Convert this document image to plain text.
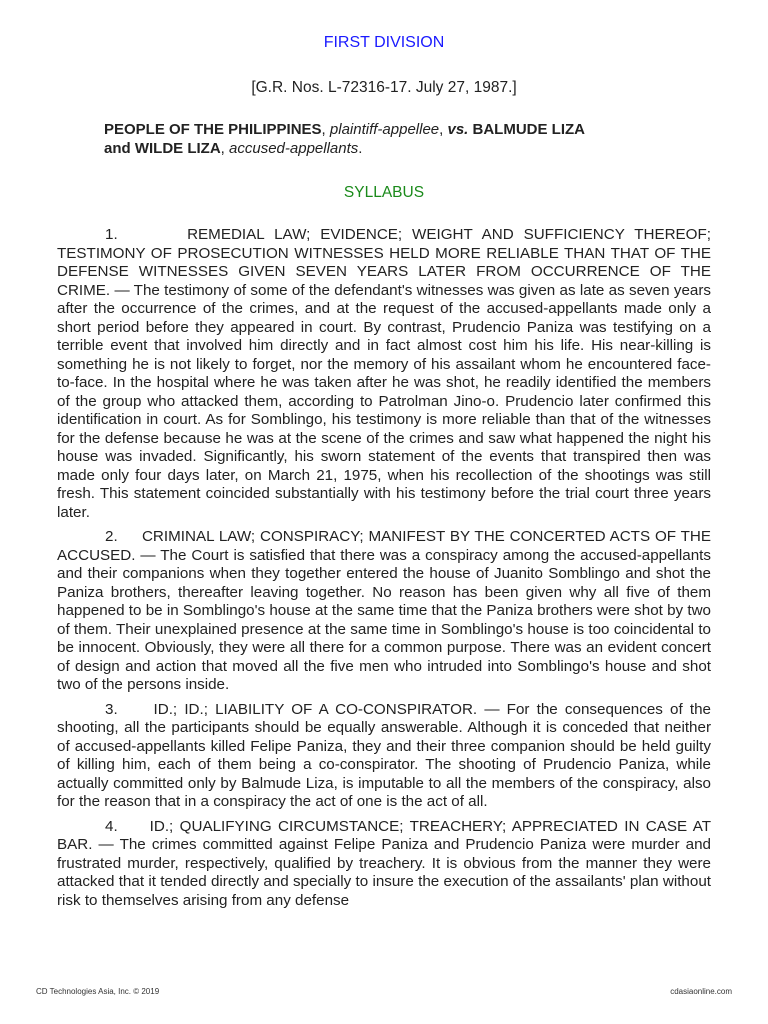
FIRST DIVISION
[G.R. Nos. L-72316-17. July 27, 1987.]
PEOPLE OF THE PHILIPPINES, plaintiff-appellee, vs. BALMUDE LIZA
and WILDE LIZA, accused-appellants.
SYLLABUS

1.       REMEDIAL LAW; EVIDENCE; WEIGHT AND SUFFICIENCY THEREOF; TESTIMONY OF PROSECUTION WITNESSES HELD MORE RELIABLE THAN THAT OF THE DEFENSE WITNESSES GIVEN SEVEN YEARS LATER FROM OCCURRENCE OF THE CRIME. — The testimony of some of the defendant's witnesses was given as late as seven years after the occurrence of the crimes, and at the request of the accused-appellants made only a short period before they appeared in court. By contrast, Prudencio Paniza was testifying on a terrible event that involved him directly and in fact almost cost him his life. His near-killing is something he is not likely to forget, nor the memory of his assailant whom he encountered face-to-face. In the hospital where he was taken after he was shot, he readily identified the members of the group who attacked them, according to Patrolman Jino-o. Prudencio later confirmed this identification in court. As for Somblingo, his testimony is more reliable than that of the witnesses for the defense because he was at the scene of the crimes and saw what happened the night his house was invaded. Significantly, his sworn statement of the events that transpired then was made only four days later, on March 21, 1975, when his recollection of the shootings was still fresh. This statement coincided substantially with his testimony before the trial court three years later.

2.     CRIMINAL LAW; CONSPIRACY; MANIFEST BY THE CONCERTED ACTS OF THE ACCUSED. — The Court is satisfied that there was a conspiracy among the accused-appellants and their companions when they together entered the house of Juanito Somblingo and shot the Paniza brothers, thereafter leaving together. No reason has been given why all five of them happened to be in Somblingo's house at the same time that the Paniza brothers were shot by two of them. Their unexplained presence at the same time in Somblingo's house is too coincidental to be innocent. Obviously, they were all there for a common purpose. There was an evident concert of design and action that moved all the five men who intruded into Somblingo's house and shot two of the persons inside.

3.     ID.; ID.; LIABILITY OF A CO-CONSPIRATOR. — For the consequences of the shooting, all the participants should be equally answerable. Although it is conceded that neither of accused-appellants killed Felipe Paniza, they and their three companion should be held guilty of killing him, each of them being a co-conspirator. The shooting of Prudencio Paniza, while actually committed only by Balmude Liza, is imputable to all the members of the conspiracy, also for the reason that in a conspiracy the act of one is the act of all.

4.     ID.; QUALIFYING CIRCUMSTANCE; TREACHERY; APPRECIATED IN CASE AT BAR. — The crimes committed against Felipe Paniza and Prudencio Paniza were murder and frustrated murder, respectively, qualified by treachery. It is obvious from the manner they were attacked that it tended directly and specially to insure the execution of the assailants' plan without risk to themselves arising from any defense

CD Technologies Asia, Inc. © 2019	cdasiaonline.com
